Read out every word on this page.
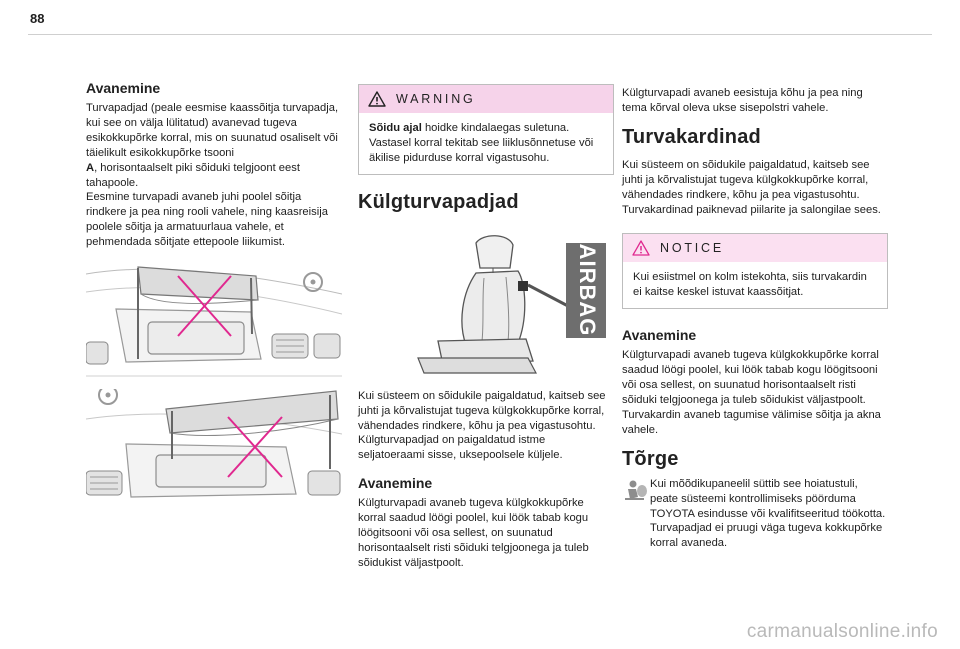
88
Avanemine

Turvapadjad (peale eesmise kaassõitja turvapadja, kui see on välja lülitatud) avanevad tugeva esikokkupõrke korral, mis on suunatud osaliselt või täielikult esikokkupõrke tsooni
A, horisontaalselt piki sõiduki telgjoont eest tahapoole.
Eesmine turvapadi avaneb juhi poolel sõitja rindkere ja pea ning rooli vahele, ning kaasreisija poolele sõitja ja armatuurlaua vahele, et pehmendada sõitjate ettepoole liikumist.

WARNING

Sõidu ajal hoidke kindalaegas suletuna. Vastasel korral tekitab see liiklusõnnetuse või äkilise pidurduse korral vigastusohu.

Külgturvapadjad
AIRBAG

Kui süsteem on sõidukile paigaldatud, kaitseb see juhti ja kõrvalistujat tugeva külgkokkupõrke korral, vähendades rindkere, kõhu ja pea vigastusohtu.

Külgturvapadjad on paigaldatud istme seljatoeraami sisse, uksepoolsele küljele.

Avanemine

Külgturvapadi avaneb tugeva külgkokkupõrke korral saadud löögi poolel, kui löök tabab kogu löögitsooni või osa sellest, on suunatud horisontaalselt risti sõiduki telgjoonega ja tuleb sõidukist väljastpoolt.

Külgturvapadi avaneb eesistuja kõhu ja pea ning tema kõrval oleva ukse sisepolstri vahele.

Turvakardinad

Kui süsteem on sõidukile paigaldatud, kaitseb see juhti ja kõrvalistujat tugeva külgkokkupõrke korral, vähendades rindkere, kõhu ja pea vigastusohtu.

Turvakardinad paiknevad piilarite ja salongilae sees.

NOTICE

Kui esiistmel on kolm istekohta, siis turvakardin ei kaitse keskel istuvat kaassõitjat.

Avanemine

Külgturvapadi avaneb tugeva külgkokkupõrke korral saadud löögi poolel, kui löök tabab kogu löögitsooni või osa sellest, on suunatud horisontaalselt risti sõiduki telgjoonega ja tuleb sõidukist väljastpoolt.

Turvakardin avaneb tagumise välimise sõitja ja akna vahele.

Tõrge

Kui mõõdikupaneelil süttib see hoiatustuli, peate süsteemi kontrollimiseks pöörduma TOYOTA esindusse või kvalifitseeritud töökotta. Turvapadjad ei pruugi väga tugeva kokkupõrke korral avaneda.

carmanualsonline.info
